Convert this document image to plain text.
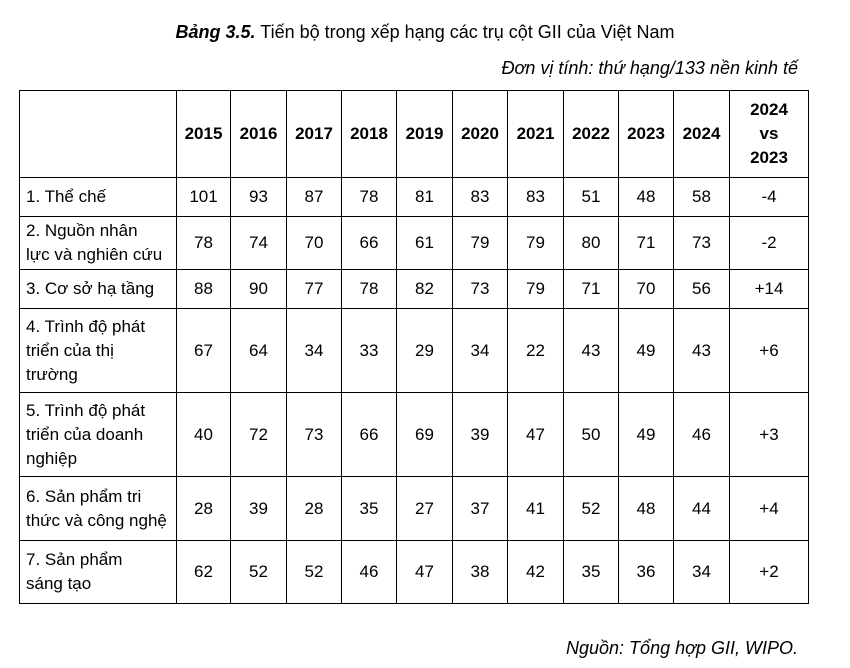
Bảng 3.5. Tiến bộ trong xếp hạng các trụ cột GII của Việt Nam
Đơn vị tính: thứ hạng/133 nền kinh tế
	2015	2016	2017	2018	2019	2020	2021	2022	2023	2024	2024
vs
2023

1. Thể chế	101	93	87	78	81	83	83	51	48	58	-4

2. Nguồn nhân
lực và nghiên cứu	78	74	70	66	61	79	79	80	71	73	-2

3. Cơ sở hạ tầng	88	90	77	78	82	73	79	71	70	56	+14

4. Trình độ phát
triển của thị
trường	67	64	34	33	29	34	22	43	49	43	+6

5. Trình độ phát
triển của doanh
nghiệp	40	72	73	66	69	39	47	50	49	46	+3

6. Sản phẩm tri
thức và công nghệ	28	39	28	35	27	37	41	52	48	44	+4

7. Sản phẩm
sáng tạo	62	52	52	46	47	38	42	35	36	34	+2
Nguồn: Tổng hợp GII, WIPO.
